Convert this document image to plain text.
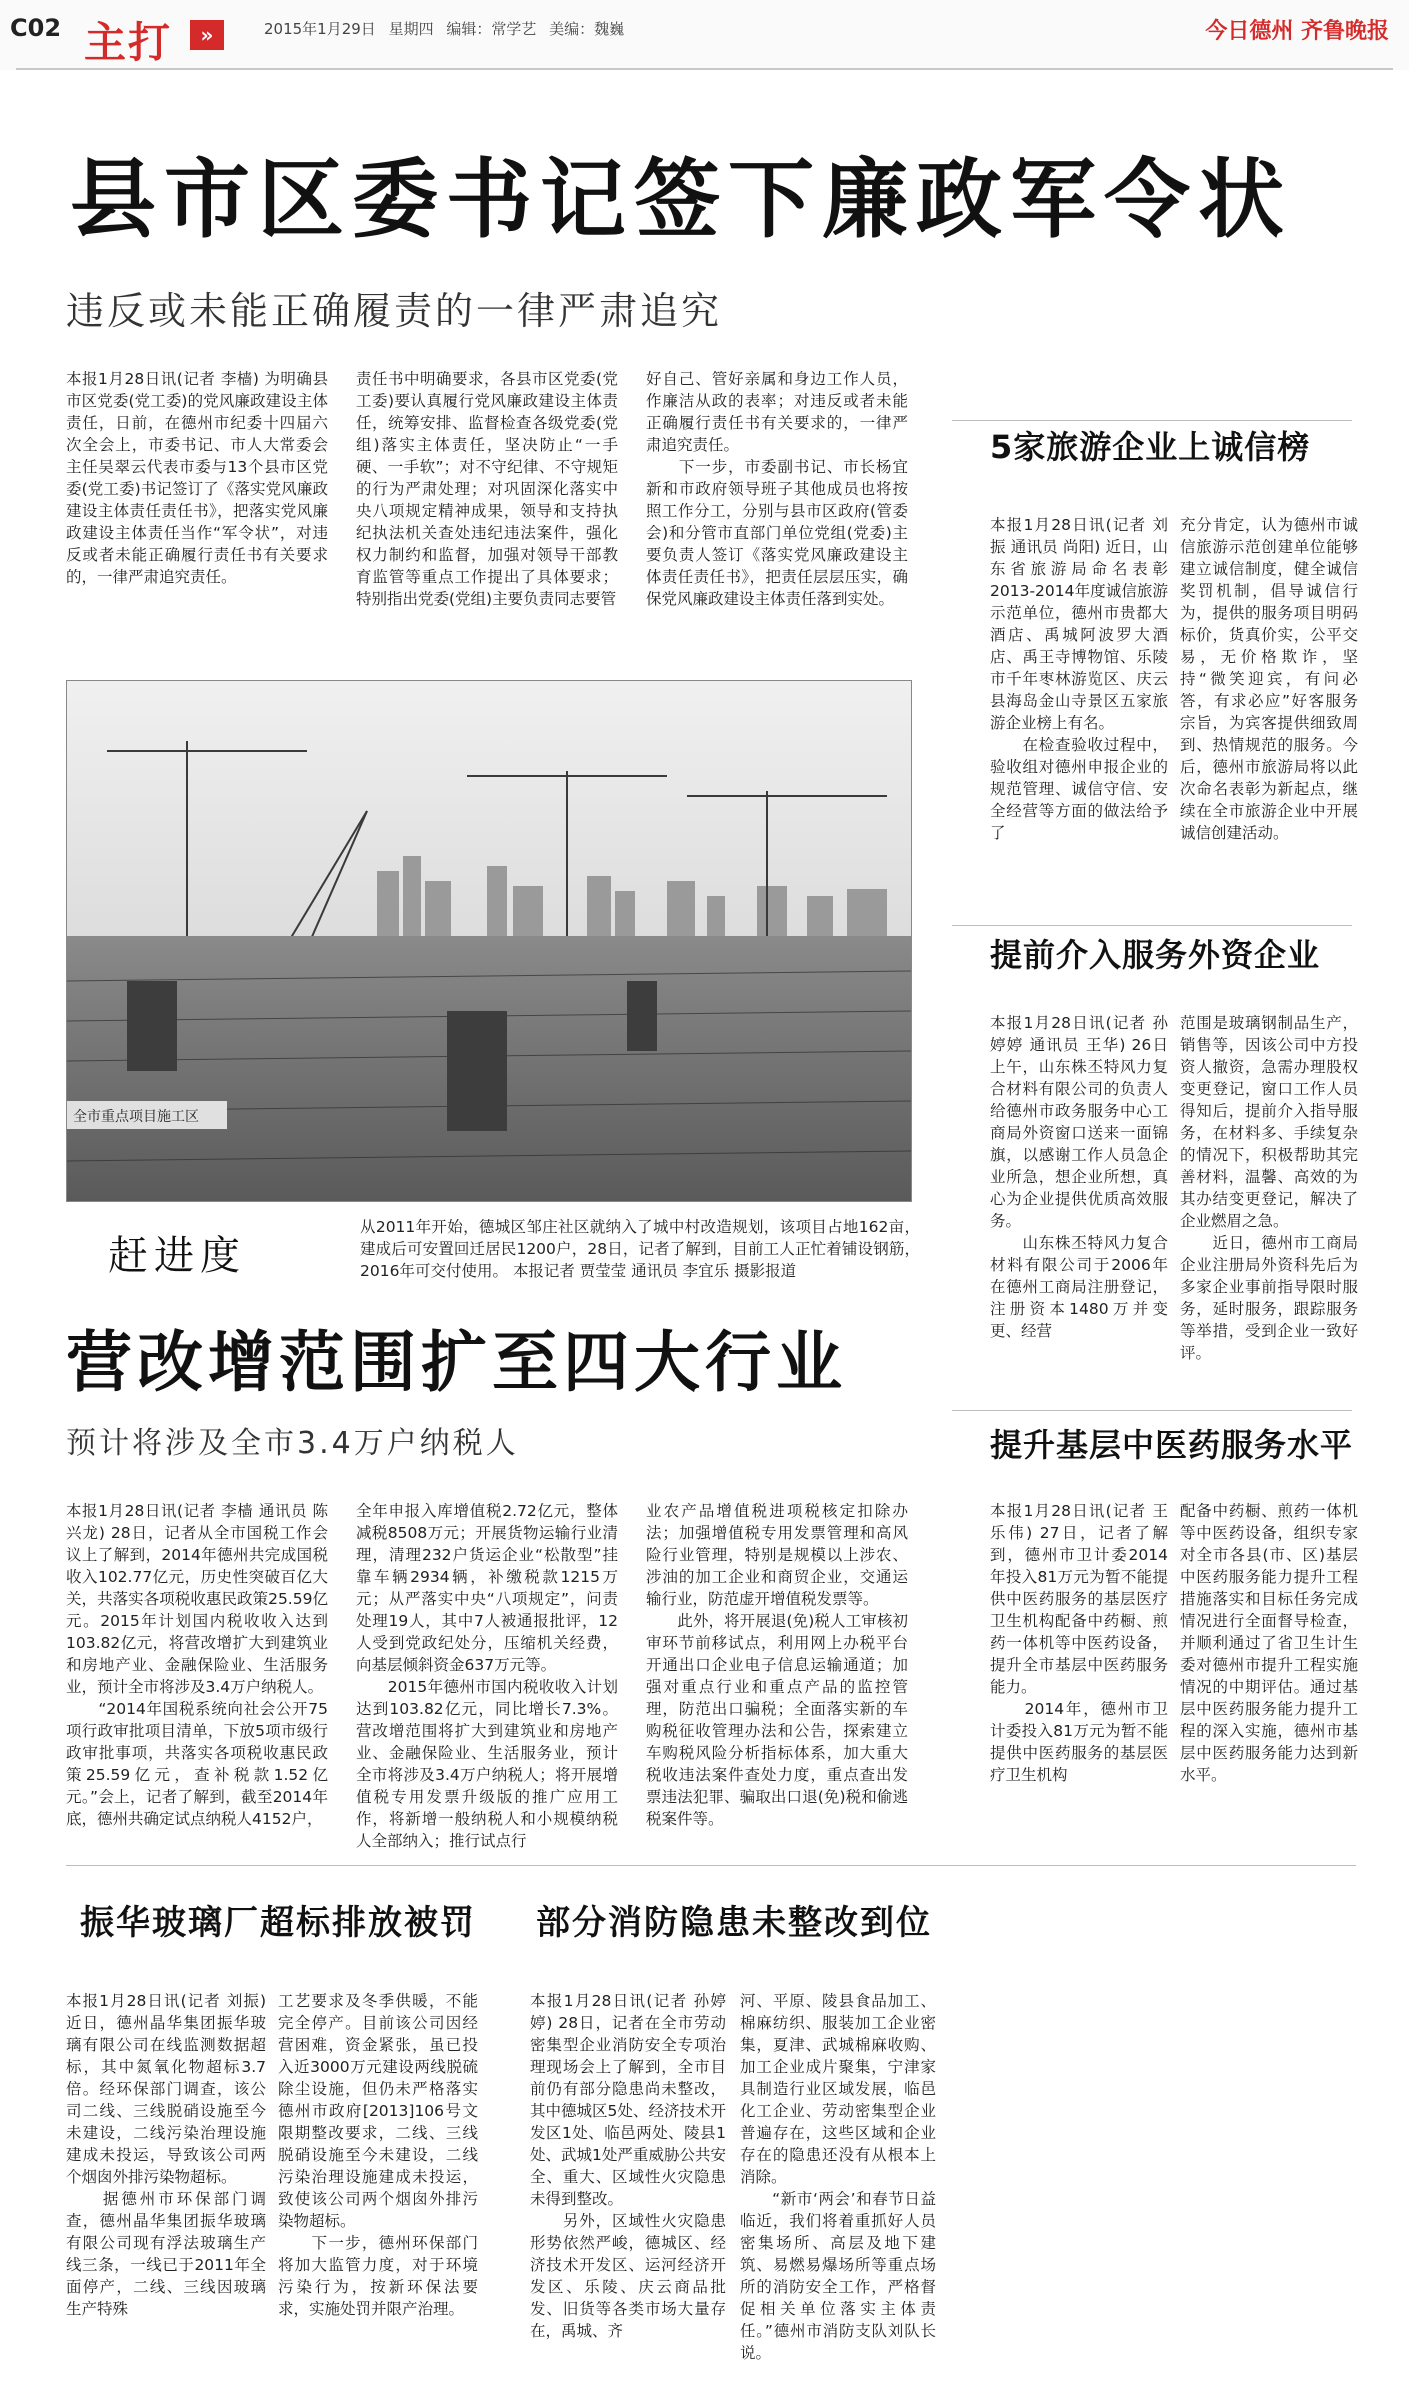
C02 主打	»	2015年1月29日 星期四 编辑：常学艺 美编：魏巍	今日德州 齐鲁晚报
县市区委书记签下廉政军令状
违反或未能正确履责的一律严肃追究
本报1月28日讯(记者 李樯) 为明确县市区党委(党工委)的党风廉政建设主体责任，日前，在德州市纪委十四届六次全会上，市委书记、市人大常委会主任吴翠云代表市委与13个县市区党委(党工委)书记签订了《落实党风廉政建设主体责任责任书》，把落实党风廉政建设主体责任当作“军令状”，对违反或者未能正确履行责任书有关要求的，一律严肃追究责任。
责任书中明确要求，各县市区党委(党工委)要认真履行党风廉政建设主体责任，统筹安排、监督检查各级党委(党组)落实主体责任，坚决防止“一手硬、一手软”；对不守纪律、不守规矩的行为严肃处理；对巩固深化落实中央八项规定精神成果，领导和支持执纪执法机关查处违纪违法案件，强化权力制约和监督，加强对领导干部教育监管等重点工作提出了具体要求；特别指出党委(党组)主要负责同志要管
好自己、管好亲属和身边工作人员，作廉洁从政的表率；对违反或者未能正确履行责任书有关要求的，一律严肃追究责任。
　　下一步，市委副书记、市长杨宜新和市政府领导班子其他成员也将按照工作分工，分别与县市区政府(管委会)和分管市直部门单位党组(党委)主要负责人签订《落实党风廉政建设主体责任责任书》，把责任层层压实，确保党风廉政建设主体责任落到实处。
全市重点项目施工区
赶进度
从2011年开始，德城区邹庄社区就纳入了城中村改造规划，该项目占地162亩，建成后可安置回迁居民1200户，28日，记者了解到，目前工人正忙着铺设钢筋，2016年可交付使用。 本报记者 贾莹莹 通讯员 李宜乐 摄影报道
营改增范围扩至四大行业
预计将涉及全市3.4万户纳税人
本报1月28日讯(记者 李樯 通讯员 陈兴龙) 28日，记者从全市国税工作会议上了解到，2014年德州共完成国税收入102.77亿元，历史性突破百亿大关，共落实各项税收惠民政策25.59亿元。2015年计划国内税收收入达到103.82亿元，将营改增扩大到建筑业和房地产业、金融保险业、生活服务业，预计全市将涉及3.4万户纳税人。
　　“2014年国税系统向社会公开75项行政审批项目清单，下放5项市级行政审批事项，共落实各项税收惠民政策25.59亿元，查补税款1.52亿元。”会上，记者了解到，截至2014年底，德州共确定试点纳税人4152户，
全年申报入库增值税2.72亿元，整体减税8508万元；开展货物运输行业清理，清理232户货运企业“松散型”挂靠车辆2934辆，补缴税款1215万元；从严落实中央“八项规定”，问责处理19人，其中7人被通报批评，12人受到党政纪处分，压缩机关经费，向基层倾斜资金637万元等。
　　2015年德州市国内税收收入计划达到103.82亿元，同比增长7.3%。营改增范围将扩大到建筑业和房地产业、金融保险业、生活服务业，预计全市将涉及3.4万户纳税人；将开展增值税专用发票升级版的推广应用工作，将新增一般纳税人和小规模纳税人全部纳入；推行试点行
业农产品增值税进项税核定扣除办法；加强增值税专用发票管理和高风险行业管理，特别是规模以上涉农、涉油的加工企业和商贸企业，交通运输行业，防范虚开增值税发票等。
　　此外，将开展退(免)税人工审核初审环节前移试点，利用网上办税平台开通出口企业电子信息运输通道；加强对重点行业和重点产品的监控管理，防范出口骗税；全面落实新的车购税征收管理办法和公告，探索建立车购税风险分析指标体系，加大重大税收违法案件查处力度，重点查出发票违法犯罪、骗取出口退(免)税和偷逃税案件等。
5家旅游企业上诚信榜
本报1月28日讯(记者 刘振 通讯员 尚阳) 近日，山东省旅游局命名表彰2013-2014年度诚信旅游示范单位，德州市贵都大酒店、禹城阿波罗大酒店、禹王寺博物馆、乐陵市千年枣林游览区、庆云县海岛金山寺景区五家旅游企业榜上有名。
　　在检查验收过程中，验收组对德州申报企业的规范管理、诚信守信、安全经营等方面的做法给予了
充分肯定，认为德州市诚信旅游示范创建单位能够建立诚信制度，健全诚信奖罚机制，倡导诚信行为，提供的服务项目明码标价，货真价实，公平交易，无价格欺诈，坚持“微笑迎宾，有问必答，有求必应”好客服务宗旨，为宾客提供细致周到、热情规范的服务。今后，德州市旅游局将以此次命名表彰为新起点，继续在全市旅游企业中开展诚信创建活动。
提前介入服务外资企业
本报1月28日讯(记者 孙婷婷 通讯员 王华) 26日上午，山东株丕特风力复合材料有限公司的负责人给德州市政务服务中心工商局外资窗口送来一面锦旗，以感谢工作人员急企业所急，想企业所想，真心为企业提供优质高效服务。
　　山东株丕特风力复合材料有限公司于2006年在德州工商局注册登记，注册资本1480万并变更、经营
范围是玻璃钢制品生产，销售等，因该公司中方投资人撤资，急需办理股权变更登记，窗口工作人员得知后，提前介入指导服务，在材料多、手续复杂的情况下，积极帮助其完善材料，温馨、高效的为其办结变更登记，解决了企业燃眉之急。
　　近日，德州市工商局企业注册局外资科先后为多家企业事前指导限时服务，延时服务，跟踪服务等举措，受到企业一致好评。
提升基层中医药服务水平
本报1月28日讯(记者 王乐伟) 27日，记者了解到，德州市卫计委2014年投入81万元为暂不能提供中医药服务的基层医疗卫生机构配备中药橱、煎药一体机等中医药设备，提升全市基层中医药服务能力。
　　2014年，德州市卫计委投入81万元为暂不能提供中医药服务的基层医疗卫生机构
配备中药橱、煎药一体机等中医药设备，组织专家对全市各县(市、区)基层中医药服务能力提升工程措施落实和目标任务完成情况进行全面督导检查，并顺利通过了省卫生计生委对德州市提升工程实施情况的中期评估。通过基层中医药服务能力提升工程的深入实施，德州市基层中医药服务能力达到新水平。
振华玻璃厂超标排放被罚
本报1月28日讯(记者 刘振) 近日，德州晶华集团振华玻璃有限公司在线监测数据超标，其中氮氧化物超标3.7倍。经环保部门调查，该公司二线、三线脱硝设施至今未建设，二线污染治理设施建成未投运，导致该公司两个烟囱外排污染物超标。
　　据德州市环保部门调查，德州晶华集团振华玻璃有限公司现有浮法玻璃生产线三条，一线已于2011年全面停产，二线、三线因玻璃生产特殊
工艺要求及冬季供暖，不能完全停产。目前该公司因经营困难，资金紧张，虽已投入近3000万元建设两线脱硫除尘设施，但仍未严格落实德州市政府[2013]106号文限期整改要求，二线、三线脱硝设施至今未建设，二线污染治理设施建成未投运，致使该公司两个烟囱外排污染物超标。
　　下一步，德州环保部门将加大监管力度，对于环境污染行为，按新环保法要求，实施处罚并限产治理。
部分消防隐患未整改到位
本报1月28日讯(记者 孙婷婷) 28日，记者在全市劳动密集型企业消防安全专项治理现场会上了解到，全市目前仍有部分隐患尚未整改，其中德城区5处、经济技术开发区1处、临邑两处、陵县1处、武城1处严重威胁公共安全、重大、区域性火灾隐患未得到整改。
　　另外，区域性火灾隐患形势依然严峻，德城区、经济技术开发区、运河经济开发区、乐陵、庆云商品批发、旧货等各类市场大量存在，禹城、齐
河、平原、陵县食品加工、棉麻纺织、服装加工企业密集，夏津、武城棉麻收购、加工企业成片聚集，宁津家具制造行业区域发展，临邑化工企业、劳动密集型企业普遍存在，这些区域和企业存在的隐患还没有从根本上消除。
　　“新市‘两会’和春节日益临近，我们将着重抓好人员密集场所、高层及地下建筑、易燃易爆场所等重点场所的消防安全工作，严格督促相关单位落实主体责任。”德州市消防支队刘队长说。
